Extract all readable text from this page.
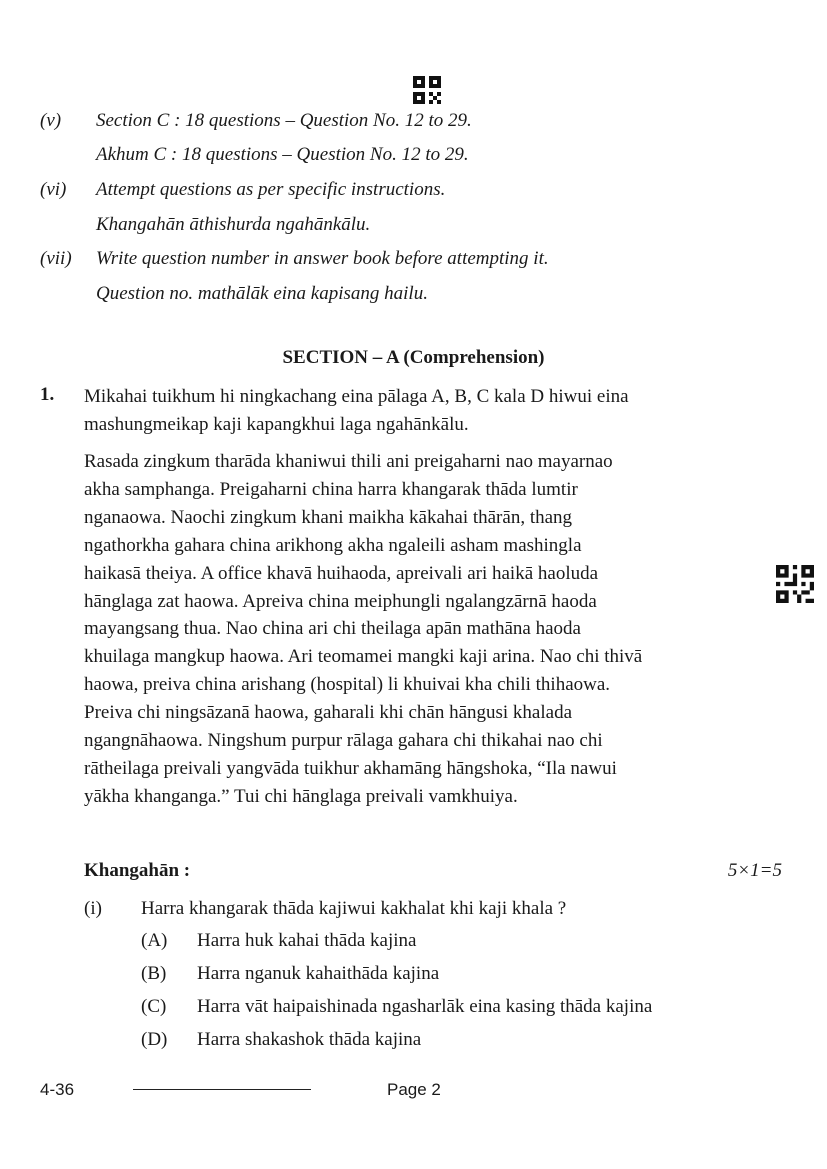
(v) Section C : 18 questions – Question No. 12 to 29.
Akhum C : 18 questions – Question No. 12 to 29.
(vi) Attempt questions as per specific instructions.
Khangahān āthishurda ngahānkālu.
(vii) Write question number in answer book before attempting it.
Question no. mathālāk eina kapisang hailu.
SECTION – A (Comprehension)
1. Mikahai tuikhum hi ningkachang eina pālaga A, B, C kala D hiwui eina
mashungmeikap kaji kapangkhui laga ngahānkālu.
Rasada zingkum tharāda khaniwui thili ani preigaharni nao mayarnao
akha samphanga. Preigaharni china harra khangarak thāda lumtir
nganaowa. Naochi zingkum khani maikha kākahai thārān, thang
ngathorkha gahara china arikhong akha ngaleili asham mashingla
haikasā theiya. A office khavā huihaoda, apreivali ari haikā haoluda
hānglaga zat haowa. Apreiva china meiphungli ngalangzārnā haoda
mayangsang thua. Nao china ari chi theilaga apān mathāna haoda
khuilaga mangkup haowa. Ari teomamei mangki kaji arina. Nao chi thivā
haowa, preiva china arishang (hospital) li khuivai kha chili thihaowa.
Preiva chi ningsāzanā haowa, gaharali khi chān hāngusi khalada
ngangnāhaowa. Ningshum purpur rālaga gahara chi thikahai nao chi
rātheilaga preivali yangvāda tuikhur akhamāng hāngshoka, “Ila nawui
yākha khanganga.” Tui chi hānglaga preivali vamkhuiya.
Khangahān :	5×1=5
(i) Harra khangarak thāda kajiwui kakhalat khi kaji khala ?
(A) Harra huk kahai thāda kajina
(B) Harra nganuk kahaithāda kajina
(C) Harra vāt haipaishinada ngasharlāk eina kasing thāda kajina
(D) Harra shakashok thāda kajina
4-36	Page 2
